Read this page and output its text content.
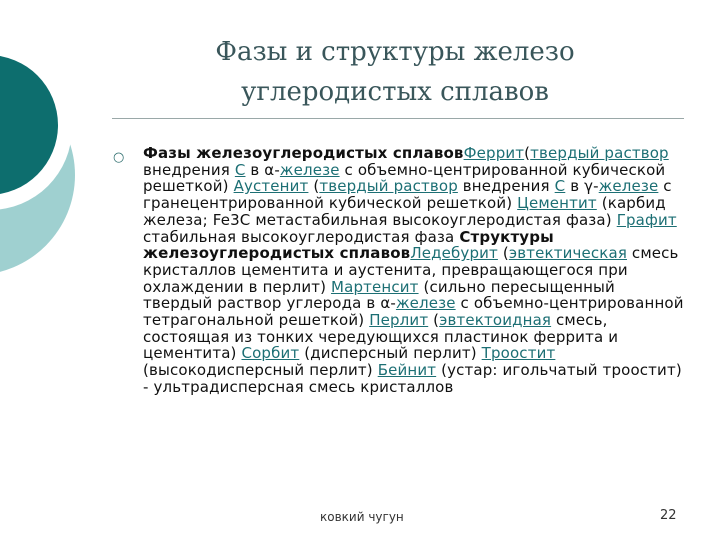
Фазы и структуры железо
углеродистых сплавов
○ Фазы железоуглеродистых сплавовФеррит(твердый раствор внедрения C в α-железе с объемно-центрированной кубической решеткой) Аустенит (твердый раствор внедрения C в γ-железе с гранецентрированной кубической решеткой) Цементит (карбид железа; Fe3C метастабильная высокоуглеродистая фаза) Графит стабильная высокоуглеродистая фаза Структуры железоуглеродистых сплавовЛедебурит (эвтектическая смесь кристаллов цементита и аустенита, превращающегося при охлаждении в перлит) Мартенсит (сильно пересыщенный твердый раствор углерода в α-железе с объемно-центрированной тетрагональной решеткой) Перлит (эвтектоидная смесь, состоящая из тонких чередующихся пластинок феррита и цементита) Сорбит (дисперсный перлит) Троостит (высокодисперсный перлит) Бейнит (устар: игольчатый троостит) - ультрадисперсная смесь кристаллов
ковкий чугун	22
